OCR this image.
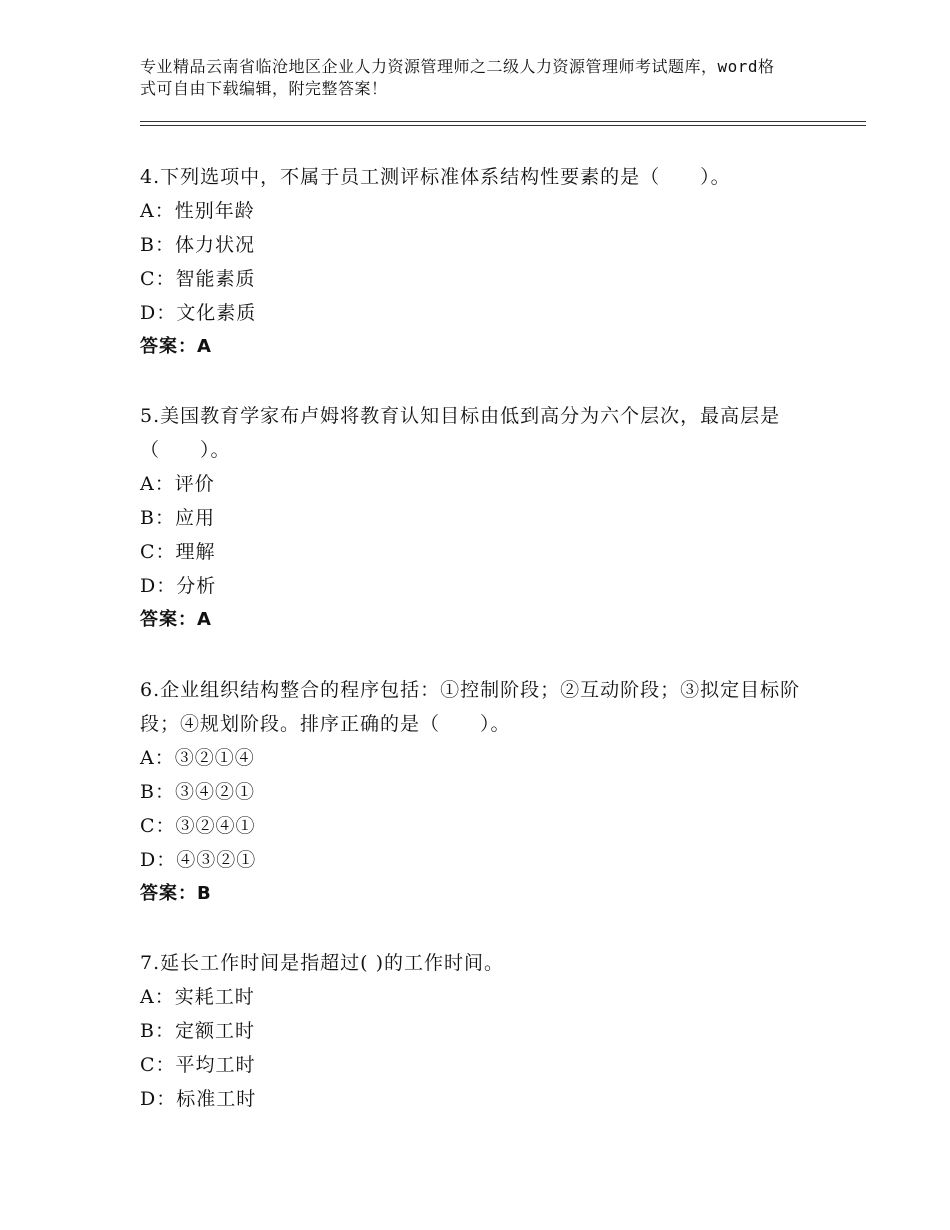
专业精品云南省临沧地区企业人力资源管理师之二级人力资源管理师考试题库，word格式可自由下载编辑，附完整答案！
4.下列选项中，不属于员工测评标准体系结构性要素的是（　　）。
A：性别年龄
B：体力状况
C：智能素质
D：文化素质
答案：A
5.美国教育学家布卢姆将教育认知目标由低到高分为六个层次，最高层是（　　）。
A：评价
B：应用
C：理解
D：分析
答案：A
6.企业组织结构整合的程序包括：①控制阶段；②互动阶段；③拟定目标阶段；④规划阶段。排序正确的是（　　）。
A：③②①④
B：③④②①
C：③②④①
D：④③②①
答案：B
7.延长工作时间是指超过( )的工作时间。
A：实耗工时
B：定额工时
C：平均工时
D：标准工时
